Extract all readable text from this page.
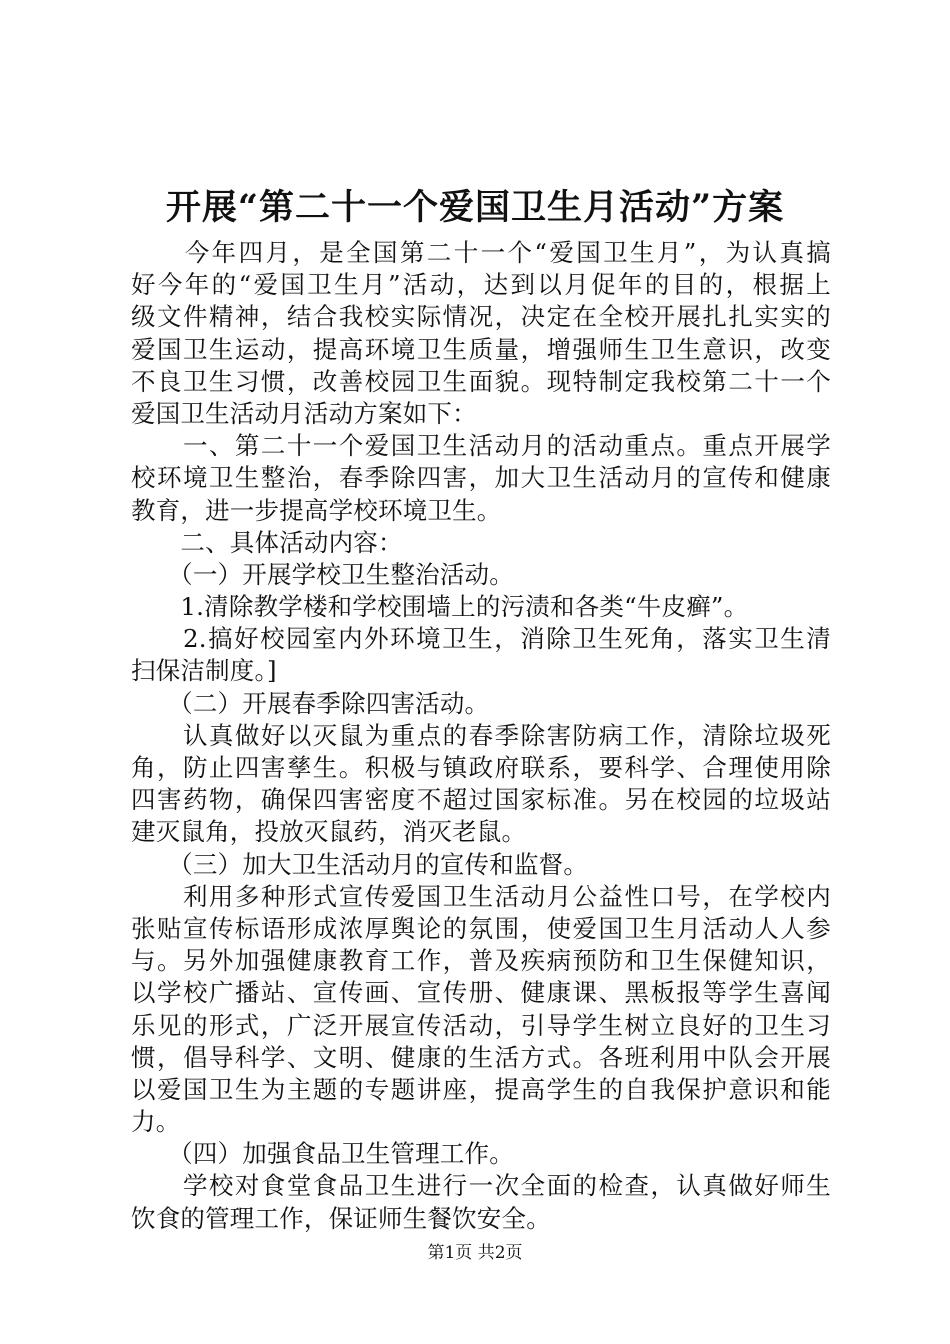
开展“第二十一个爱国卫生月活动”方案
　　今年四月，是全国第二十一个“爱国卫生月”，为认真搞
好今年的“爱国卫生月”活动，达到以月促年的目的，根据上
级文件精神，结合我校实际情况，决定在全校开展扎扎实实的
爱国卫生运动，提高环境卫生质量，增强师生卫生意识，改变
不良卫生习惯，改善校园卫生面貌。现特制定我校第二十一个
爱国卫生活动月活动方案如下：
　　一、第二十一个爱国卫生活动月的活动重点。重点开展学
校环境卫生整治，春季除四害，加大卫生活动月的宣传和健康
教育，进一步提高学校环境卫生。
　　二、具体活动内容：
　　（一）开展学校卫生整治活动。
　　1.清除教学楼和学校围墙上的污渍和各类“牛皮癣”。
　　2.搞好校园室内外环境卫生，消除卫生死角，落实卫生清
扫保洁制度。]
　　（二）开展春季除四害活动。
　　认真做好以灭鼠为重点的春季除害防病工作，清除垃圾死
角，防止四害孳生。积极与镇政府联系，要科学、合理使用除
四害药物，确保四害密度不超过国家标准。另在校园的垃圾站
建灭鼠角，投放灭鼠药，消灭老鼠。
　　（三）加大卫生活动月的宣传和监督。
　　利用多种形式宣传爱国卫生活动月公益性口号，在学校内
张贴宣传标语形成浓厚舆论的氛围，使爱国卫生月活动人人参
与。另外加强健康教育工作，普及疾病预防和卫生保健知识，
以学校广播站、宣传画、宣传册、健康课、黑板报等学生喜闻
乐见的形式，广泛开展宣传活动，引导学生树立良好的卫生习
惯，倡导科学、文明、健康的生活方式。各班利用中队会开展
以爱国卫生为主题的专题讲座，提高学生的自我保护意识和能
力。
　　（四）加强食品卫生管理工作。
　　学校对食堂食品卫生进行一次全面的检查，认真做好师生
饮食的管理工作，保证师生餐饮安全。
第1页 共2页
